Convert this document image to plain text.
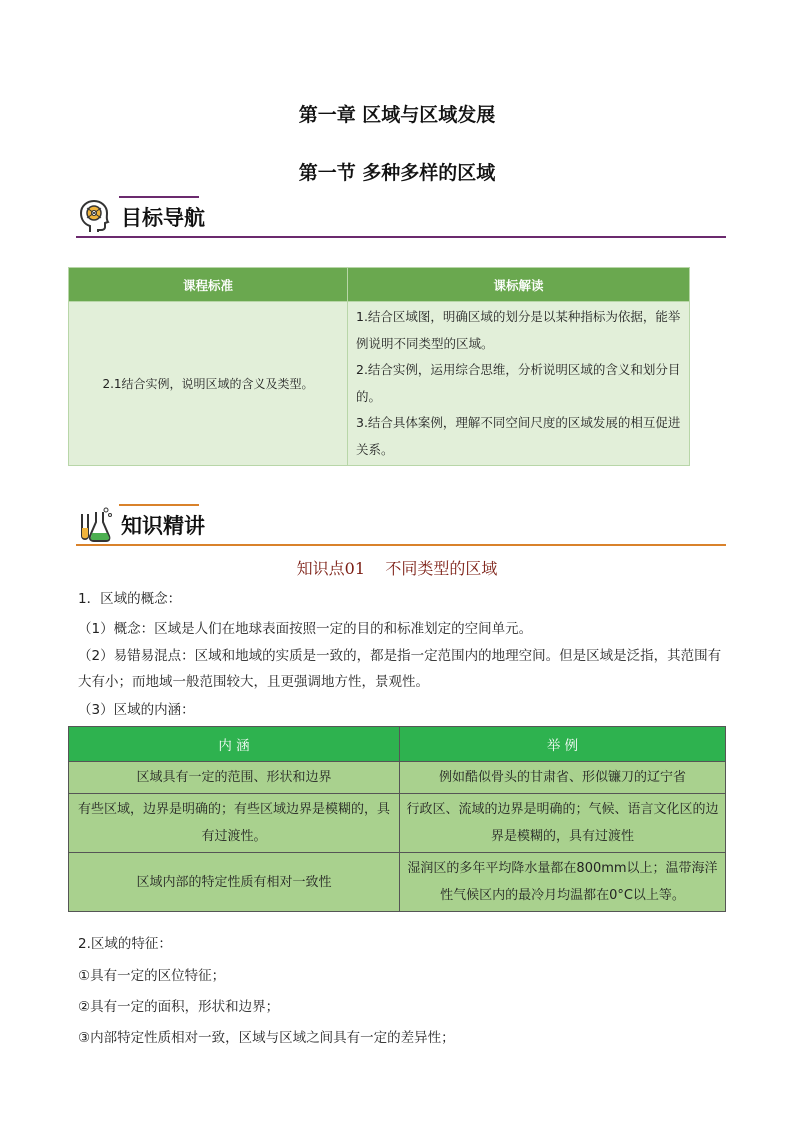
第一章 区域与区域发展
第一节 多种多样的区域
目标导航
课程标准	课标解读
2.1结合实例，说明区域的含义及类型。	1.结合区域图，明确区域的划分是以某种指标为依据，能举例说明不同类型的区域。

2.结合实例，运用综合思维，分析说明区域的含义和划分目的。

3.结合具体案例，理解不同空间尺度的区域发展的相互促进关系。

知识精讲
知识点01    不同类型的区域
1．区域的概念：
（1）概念：区域是人们在地球表面按照一定的目的和标准划定的空间单元。
（2）易错易混点：区域和地域的实质是一致的，都是指一定范围内的地理空间。但是区域是泛指，其范围有大有小；而地域一般范围较大，且更强调地方性，景观性。
（3）区域的内涵：
内 涵	举 例
区域具有一定的范围、形状和边界	例如酷似骨头的甘肃省、形似镰刀的辽宁省
有些区域，边界是明确的；有些区域边界是模糊的，具有过渡性。	行政区、流域的边界是明确的；气候、语言文化区的边界是模糊的，具有过渡性
区域内部的特定性质有相对一致性	湿润区的多年平均降水量都在800mm以上；温带海洋性气候区内的最冷月均温都在0°C以上等。
2.区域的特征：
①具有一定的区位特征；
②具有一定的面积，形状和边界；
③内部特定性质相对一致，区域与区域之间具有一定的差异性；
